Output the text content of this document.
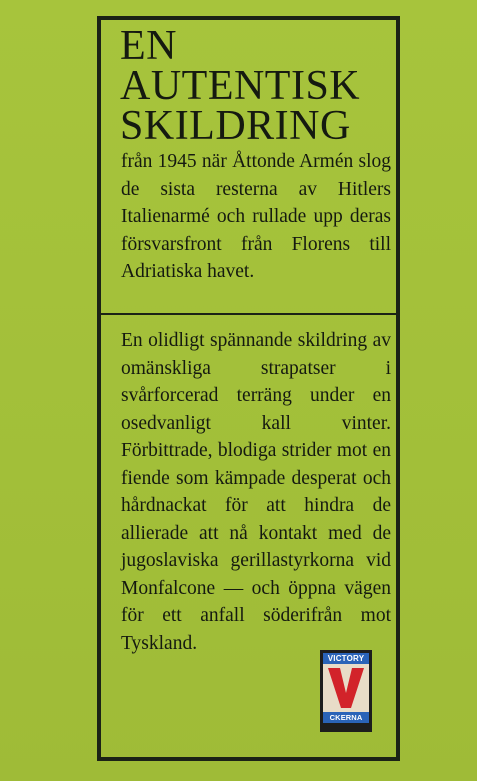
EN
AUTENTISK
SKILDRING

från 1945 när Åttonde Armén slog de sista resterna av Hitlers Italienarmé och rullade upp deras försvarsfront från Florens till Adriatiska havet.

En olidligt spännande skildring av omänskliga strapatser i svårforcerad terräng under en osedvanligt kall vinter. Förbittrade, blodiga strider mot en fiende som kämpade desperat och hårdnackat för att hindra de allierade att nå kontakt med de jugoslaviska gerillastyrkorna vid Monfalcone — och öppna vägen för ett anfall söderifrån mot Tyskland.

VICTORY
CKERNA
